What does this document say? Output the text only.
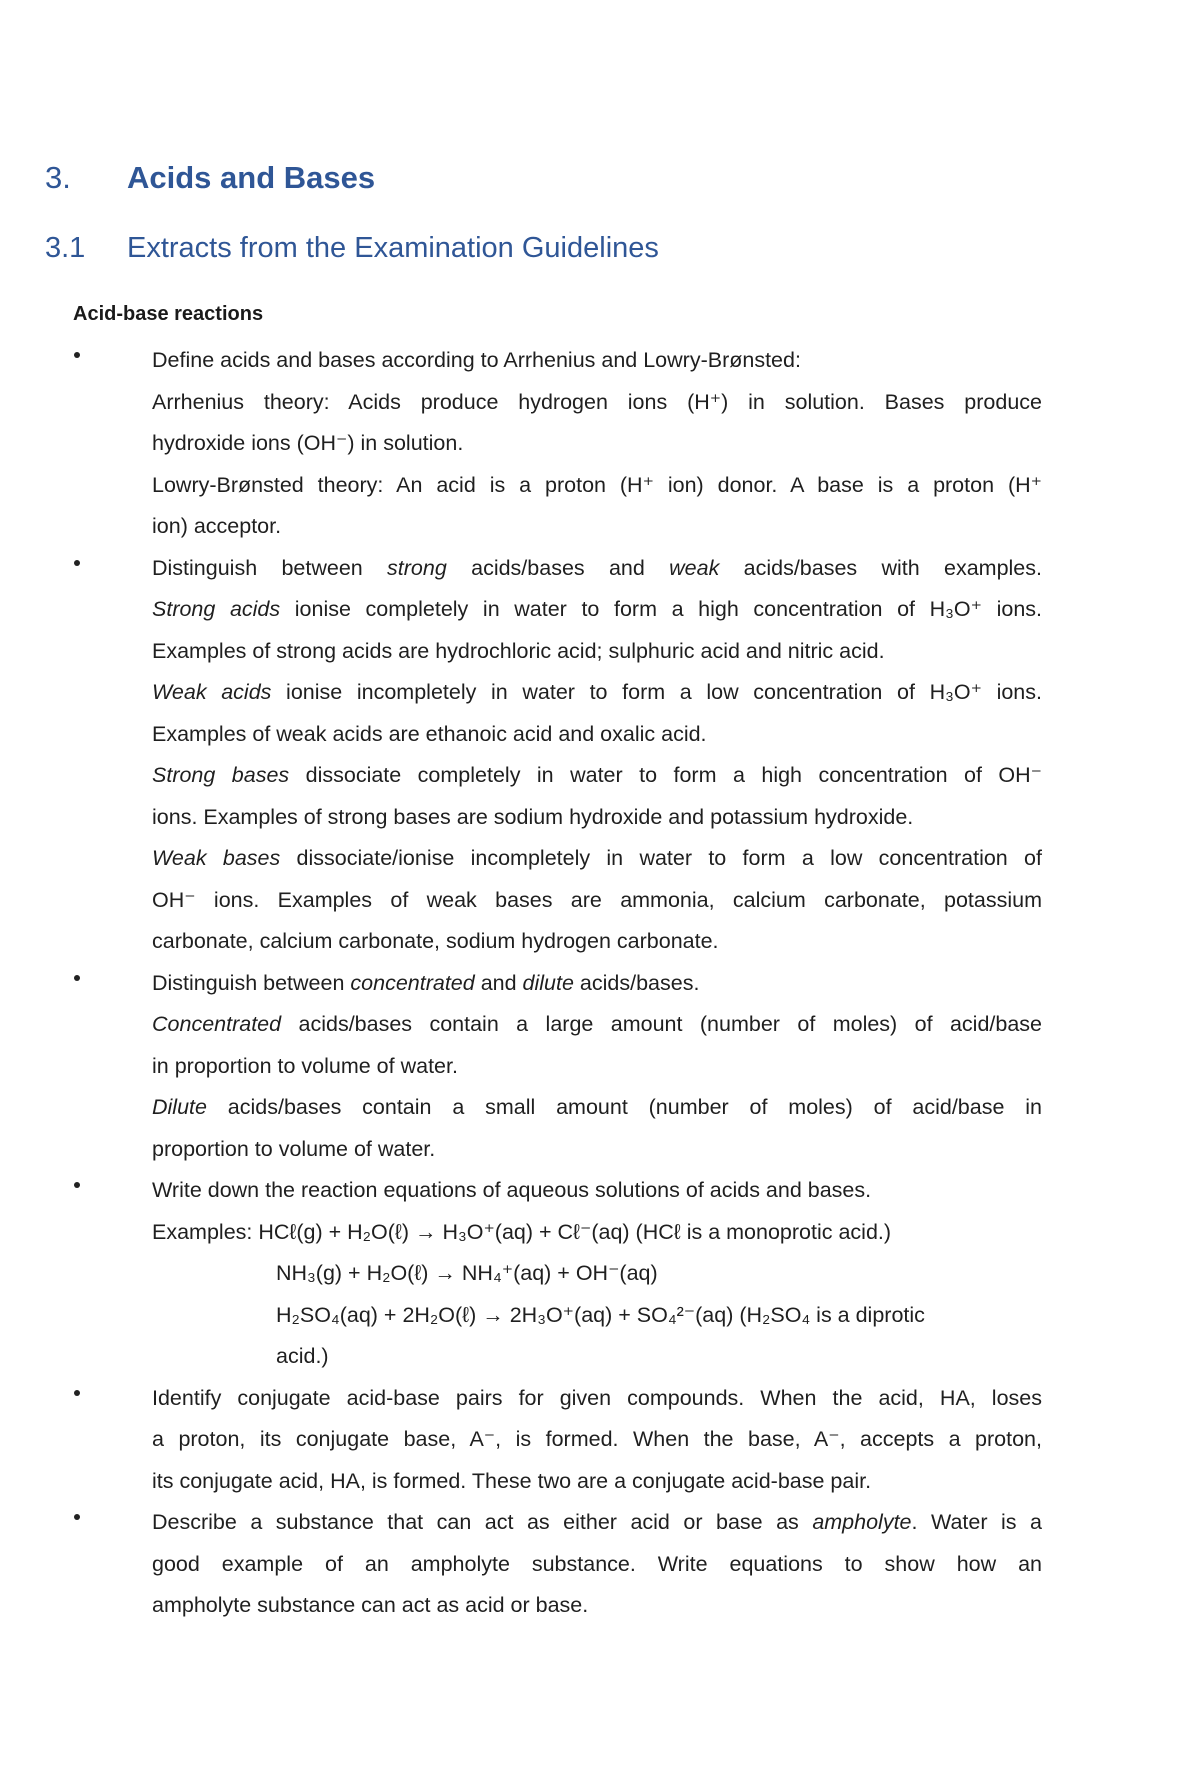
3. Acids and Bases
3.1 Extracts from the Examination Guidelines
Acid-base reactions
Define acids and bases according to Arrhenius and Lowry-Brønsted:
Arrhenius theory: Acids produce hydrogen ions (H⁺) in solution. Bases produce
hydroxide ions (OH⁻) in solution.
Lowry-Brønsted theory: An acid is a proton (H⁺ ion) donor. A base is a proton (H⁺
ion) acceptor.
Distinguish between strong acids/bases and weak acids/bases with examples.
Strong acids ionise completely in water to form a high concentration of H₃O⁺ ions.
Examples of strong acids are hydrochloric acid; sulphuric acid and nitric acid.
Weak acids ionise incompletely in water to form a low concentration of H₃O⁺ ions.
Examples of weak acids are ethanoic acid and oxalic acid.
Strong bases dissociate completely in water to form a high concentration of OH⁻
ions. Examples of strong bases are sodium hydroxide and potassium hydroxide.
Weak bases dissociate/ionise incompletely in water to form a low concentration of
OH⁻ ions. Examples of weak bases are ammonia, calcium carbonate, potassium
carbonate, calcium carbonate, sodium hydrogen carbonate.
Distinguish between concentrated and dilute acids/bases.
Concentrated acids/bases contain a large amount (number of moles) of acid/base
in proportion to volume of water.
Dilute acids/bases contain a small amount (number of moles) of acid/base in
proportion to volume of water.
Write down the reaction equations of aqueous solutions of acids and bases.
Examples: HCℓ(g) + H₂O(ℓ) → H₃O⁺(aq) + Cℓ⁻(aq) (HCℓ is a monoprotic acid.)
NH₃(g) + H₂O(ℓ) → NH₄⁺(aq) + OH⁻(aq)
H₂SO₄(aq) + 2H₂O(ℓ) → 2H₃O⁺(aq) + SO₄²⁻(aq) (H₂SO₄ is a diprotic
acid.)
Identify conjugate acid-base pairs for given compounds. When the acid, HA, loses
a proton, its conjugate base, A⁻, is formed. When the base, A⁻, accepts a proton,
its conjugate acid, HA, is formed. These two are a conjugate acid-base pair.
Describe a substance that can act as either acid or base as ampholyte. Water is a
good example of an ampholyte substance. Write equations to show how an
ampholyte substance can act as acid or base.
